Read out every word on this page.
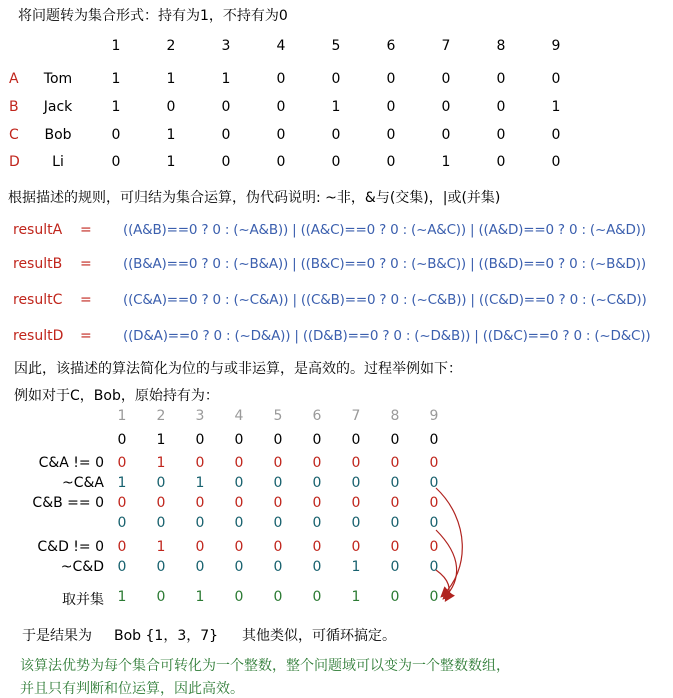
将问题转为集合形式：持有为1，不持有为0
1	2	3	4	5	6	7	8	9
A	Tom	1	1	1	0	0	0	0	0	0
B	Jack	1	0	0	0	1	0	0	0	1
C	Bob	0	1	0	0	0	0	0	0	0
D	Li	0	1	0	0	0	0	1	0	0
根据描述的规则，可归结为集合运算，伪代码说明: ~非，&与(交集)，|或(并集)
resultA = ((A&B)==0 ? 0 : (~A&B)) | ((A&C)==0 ? 0 : (~A&C)) | ((A&D)==0 ? 0 : (~A&D))
resultB = ((B&A)==0 ? 0 : (~B&A)) | ((B&C)==0 ? 0 : (~B&C)) | ((B&D)==0 ? 0 : (~B&D))
resultC = ((C&A)==0 ? 0 : (~C&A)) | ((C&B)==0 ? 0 : (~C&B)) | ((C&D)==0 ? 0 : (~C&D))
resultD = ((D&A)==0 ? 0 : (~D&A)) | ((D&B)==0 ? 0 : (~D&B)) | ((D&C)==0 ? 0 : (~D&C))
因此，该描述的算法简化为位的与或非运算，是高效的。过程举例如下：
例如对于C，Bob，原始持有为：
1	2	3	4	5	6	7	8	9
0	1	0	0	0	0	0	0	0
C&A != 0 0	1	0	0	0	0	0	0	0
~C&A 1	0	1	0	0	0	0	0	0
C&B == 0 0	0	0	0	0	0	0	0	0
0	0	0	0	0	0	0	0	0
C&D != 0 0	1	0	0	0	0	0	0	0
~C&D 0	0	0	0	0	0	1	0	0
取并集 1	0	1	0	0	0	1	0	0
于是结果为 Bob {1，3，7} 其他类似，可循环搞定。
该算法优势为每个集合可转化为一个整数，整个问题域可以变为一个整数数组，
并且只有判断和位运算，因此高效。
